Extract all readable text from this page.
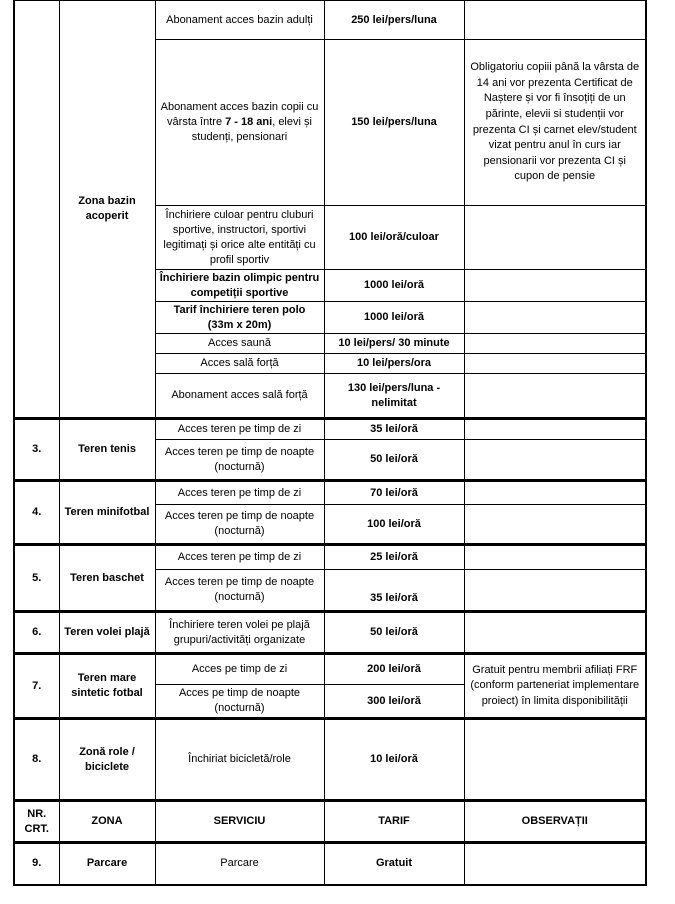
	Zona bazin acoperit	Abonament acces bazin adulți	250 lei/pers/luna	
		Abonament acces bazin copii cu vârsta între 7 - 18 ani, elevi și studenți, pensionari	150 lei/pers/luna	Obligatoriu copiii până la vârsta de 14 ani vor prezenta Certificat de Naștere și vor fi însoțiți de un părinte, elevii si studenții vor prezenta CI și carnet elev/student vizat pentru anul în curs iar pensionarii vor prezenta CI și cupon de pensie
		Închiriere culoar pentru cluburi sportive, instructori, sportivi legitimați și orice alte entități cu profil sportiv	100 lei/oră/culoar	
		Închiriere bazin olimpic pentru competiții sportive	1000 lei/oră	
		Tarif închiriere teren polo (33m x 20m)	1000 lei/oră	
		Acces saună	10 lei/pers/ 30 minute	
		Acces sală forță	10 lei/pers/ora	
		Abonament acces sală forță	130 lei/pers/luna - nelimitat	
3.	Teren tenis	Acces teren pe timp de zi	35 lei/oră	
		Acces teren pe timp de noapte (nocturnă)	50 lei/oră	
4.	Teren minifotbal	Acces teren pe timp de zi	70 lei/oră	
		Acces teren pe timp de noapte (nocturnă)	100 lei/oră	
5.	Teren baschet	Acces teren pe timp de zi	25 lei/oră	
		Acces teren pe timp de noapte (nocturnă)	35 lei/oră	
6.	Teren volei plajă	Închiriere teren volei pe plajă grupuri/activități organizate	50 lei/oră	
7.	Teren mare sintetic fotbal	Acces pe timp de zi	200 lei/oră	Gratuit pentru membrii afiliați FRF (conform parteneriat implementare proiect) în limita disponibilității
		Acces pe timp de noapte (nocturnă)	300 lei/oră	
8.	Zonă role / biciclete	Închiriat bicicletă/role	10 lei/oră	
NR. CRT.	ZONA	SERVICIU	TARIF	OBSERVAȚII
9.	Parcare	Parcare	Gratuit	
